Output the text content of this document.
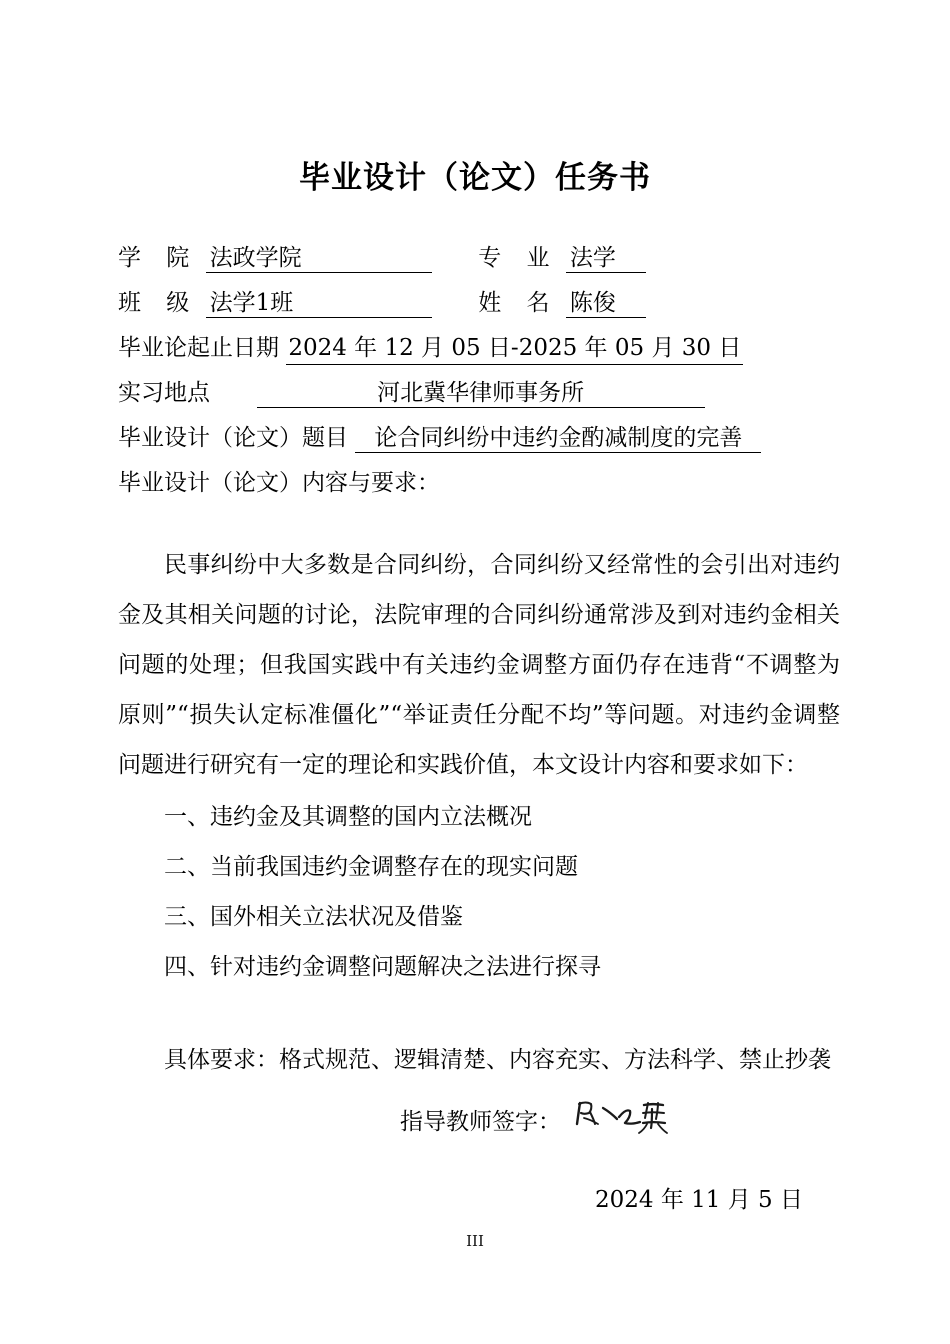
毕业设计（论文）任务书
学 院 法政学院	专 业 法学
班 级 法学1班	姓 名 陈俊
毕业论起止日期 2024 年 12 月 05 日-2025 年 05 月 30 日
实习地点	河北冀华律师事务所
毕业设计（论文）题目 论合同纠纷中违约金酌减制度的完善
毕业设计（论文）内容与要求：

民事纠纷中大多数是合同纠纷，合同纠纷又经常性的会引出对违约金及其相关问题的讨论，法院审理的合同纠纷通常涉及到对违约金相关问题的处理；但我国实践中有关违约金调整方面仍存在违背“不调整为原则”“损失认定标准僵化”“举证责任分配不均”等问题。对违约金调整问题进行研究有一定的理论和实践价值，本文设计内容和要求如下：

一、违约金及其调整的国内立法概况
二、当前我国违约金调整存在的现实问题
三、国外相关立法状况及借鉴
四、针对违约金调整问题解决之法进行探寻
具体要求：格式规范、逻辑清楚、内容充实、方法科学、禁止抄袭
指导教师签字：
2024 年 11 月 5 日
III
